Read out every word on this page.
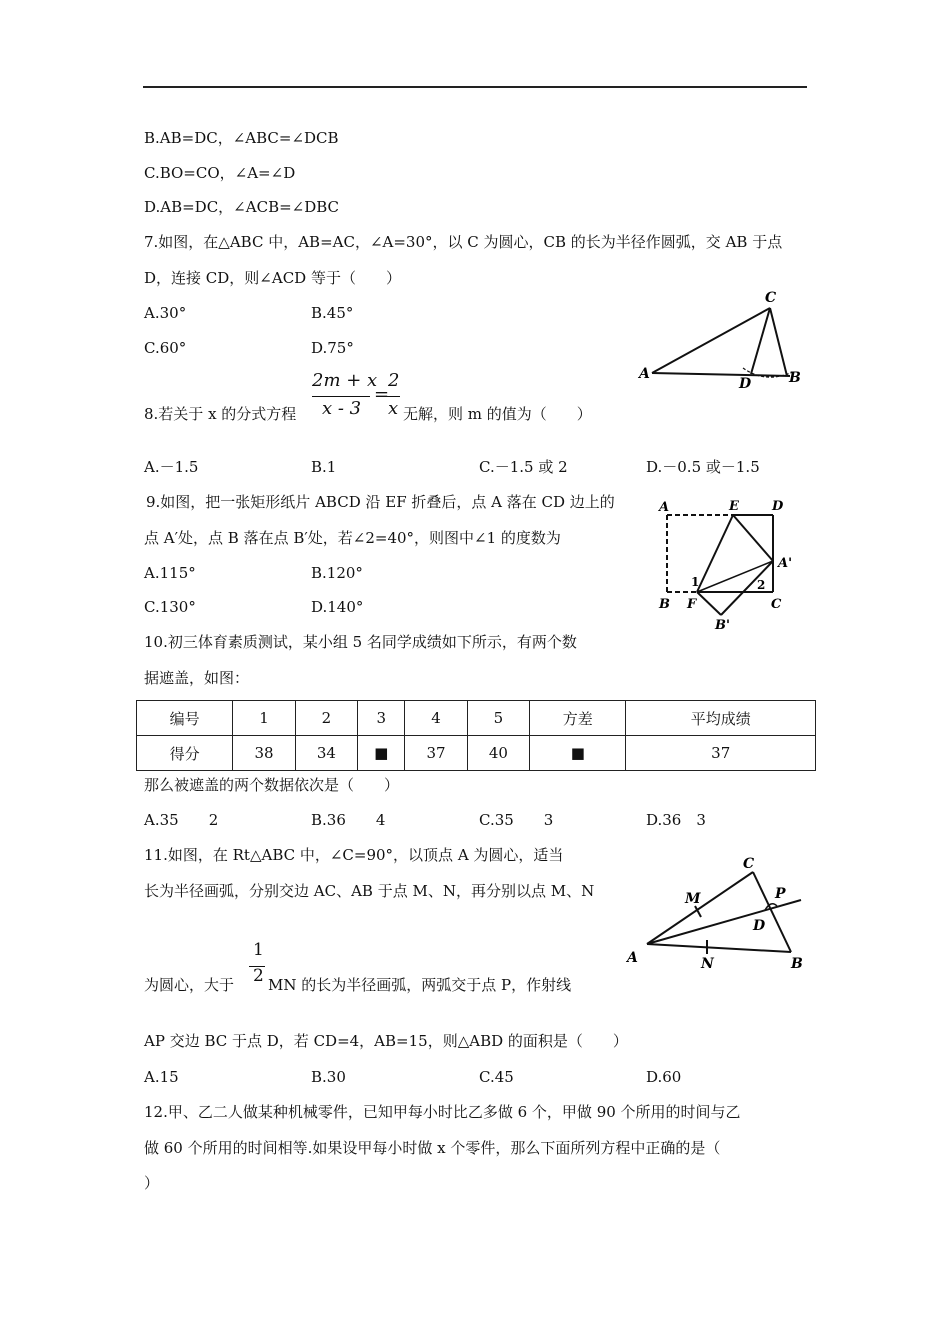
B.AB=DC，∠ABC=∠DCB
C.BO=CO，∠A=∠D
D.AB=DC，∠ACB=∠DBC
7.如图，在△ABC 中，AB=AC，∠A=30°，以 C 为圆心，CB 的长为半径作圆弧，交 AB 于点
D，连接 CD，则∠ACD 等于（　　）
A.30°	B.45°
C.60°	D.75°
C
A
D	B
8.若关于 x 的分式方程
2m + x
x - 3
=
2
x 无解，则 m 的值为（　　）
A.－1.5	B.1	C.－1.5 或 2	D.－0.5 或－1.5
9.如图，把一张矩形纸片 ABCD 沿 EF 折叠后，点 A 落在 CD 边上的
点 A′处，点 B 落在点 B′处，若∠2=40°，则图中∠1 的度数为
A.115°	B.120°
C.130°	D.140°
A	E	D
A'
1	2
B F	C
B'
10.初三体育素质测试，某小组 5 名同学成绩如下所示，有两个数
据遮盖，如图：
编号	1	2	3	4	5	方差	平均成绩
得分	38	34	■	37	40	■	37
那么被遮盖的两个数据依次是（　　）
A.35　　2	B.36　　4	C.35　　3	D.36　3
11.如图，在 Rt△ABC 中，∠C=90°，以顶点 A 为圆心，适当
长为半径画弧，分别交边 AC、AB 于点 M、N，再分别以点 M、N
为圆心，大于
1
2 MN 的长为半径画弧，两弧交于点 P，作射线
AP 交边 BC 于点 D，若 CD=4，AB=15，则△ABD 的面积是（　　）
A.15	B.30	C.45	D.60
C
M	P
D
A	N	B
12.甲、乙二人做某种机械零件，已知甲每小时比乙多做 6 个，甲做 90 个所用的时间与乙
做 60 个所用的时间相等.如果设甲每小时做 x 个零件，那么下面所列方程中正确的是（
）
